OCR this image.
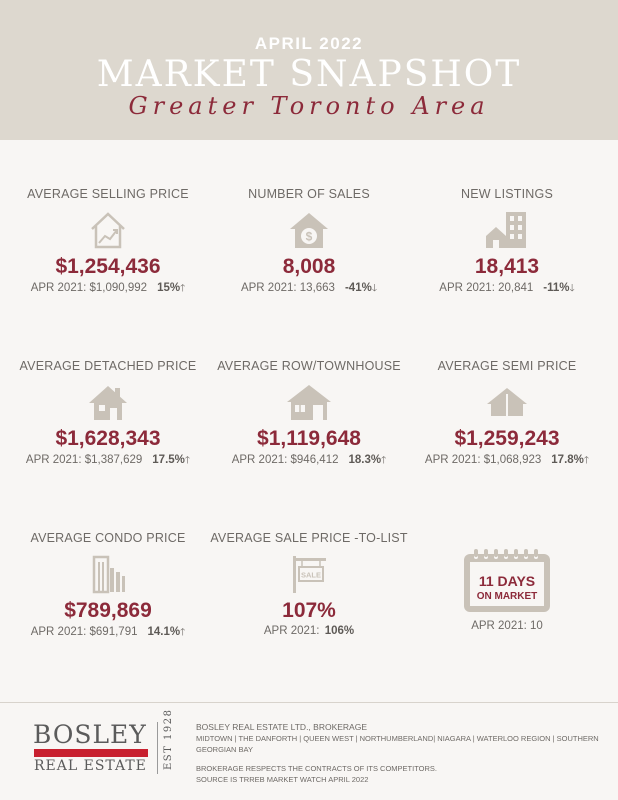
APRIL 2022
MARKET SNAPSHOT
Greater Toronto Area
AVERAGE SELLING PRICE
$1,254,436
APR 2021: $1,090,992 15%🡑
NUMBER OF SALES
$
8,008
APR 2021: 13,663 -41%🡓
NEW LISTINGS
18,413
APR 2021: 20,841 -11%🡓
AVERAGE DETACHED PRICE
$1,628,343
APR 2021: $1,387,629 17.5%🡑
AVERAGE ROW/TOWNHOUSE
$1,119,648
APR 2021: $946,412 18.3%🡑
AVERAGE SEMI PRICE
$1,259,243
APR 2021: $1,068,923 17.8%🡑
AVERAGE CONDO PRICE
$789,869
APR 2021: $691,791 14.1%🡑
AVERAGE SALE PRICE -TO-LIST
SALE
107%
APR 2021: 106%
11 DAYS
ON MARKET
APR 2021: 10
BOSLEY
REAL ESTATE EST 1928	BOSLEY REAL ESTATE LTD., BROKERAGE
MIDTOWN | THE DANFORTH | QUEEN WEST | NORTHUMBERLAND| NIAGARA | WATERLOO REGION | SOUTHERN GEORGIAN BAY
BROKERAGE RESPECTS THE CONTRACTS OF ITS COMPETITORS.
SOURCE IS TRREB MARKET WATCH APRIL 2022
